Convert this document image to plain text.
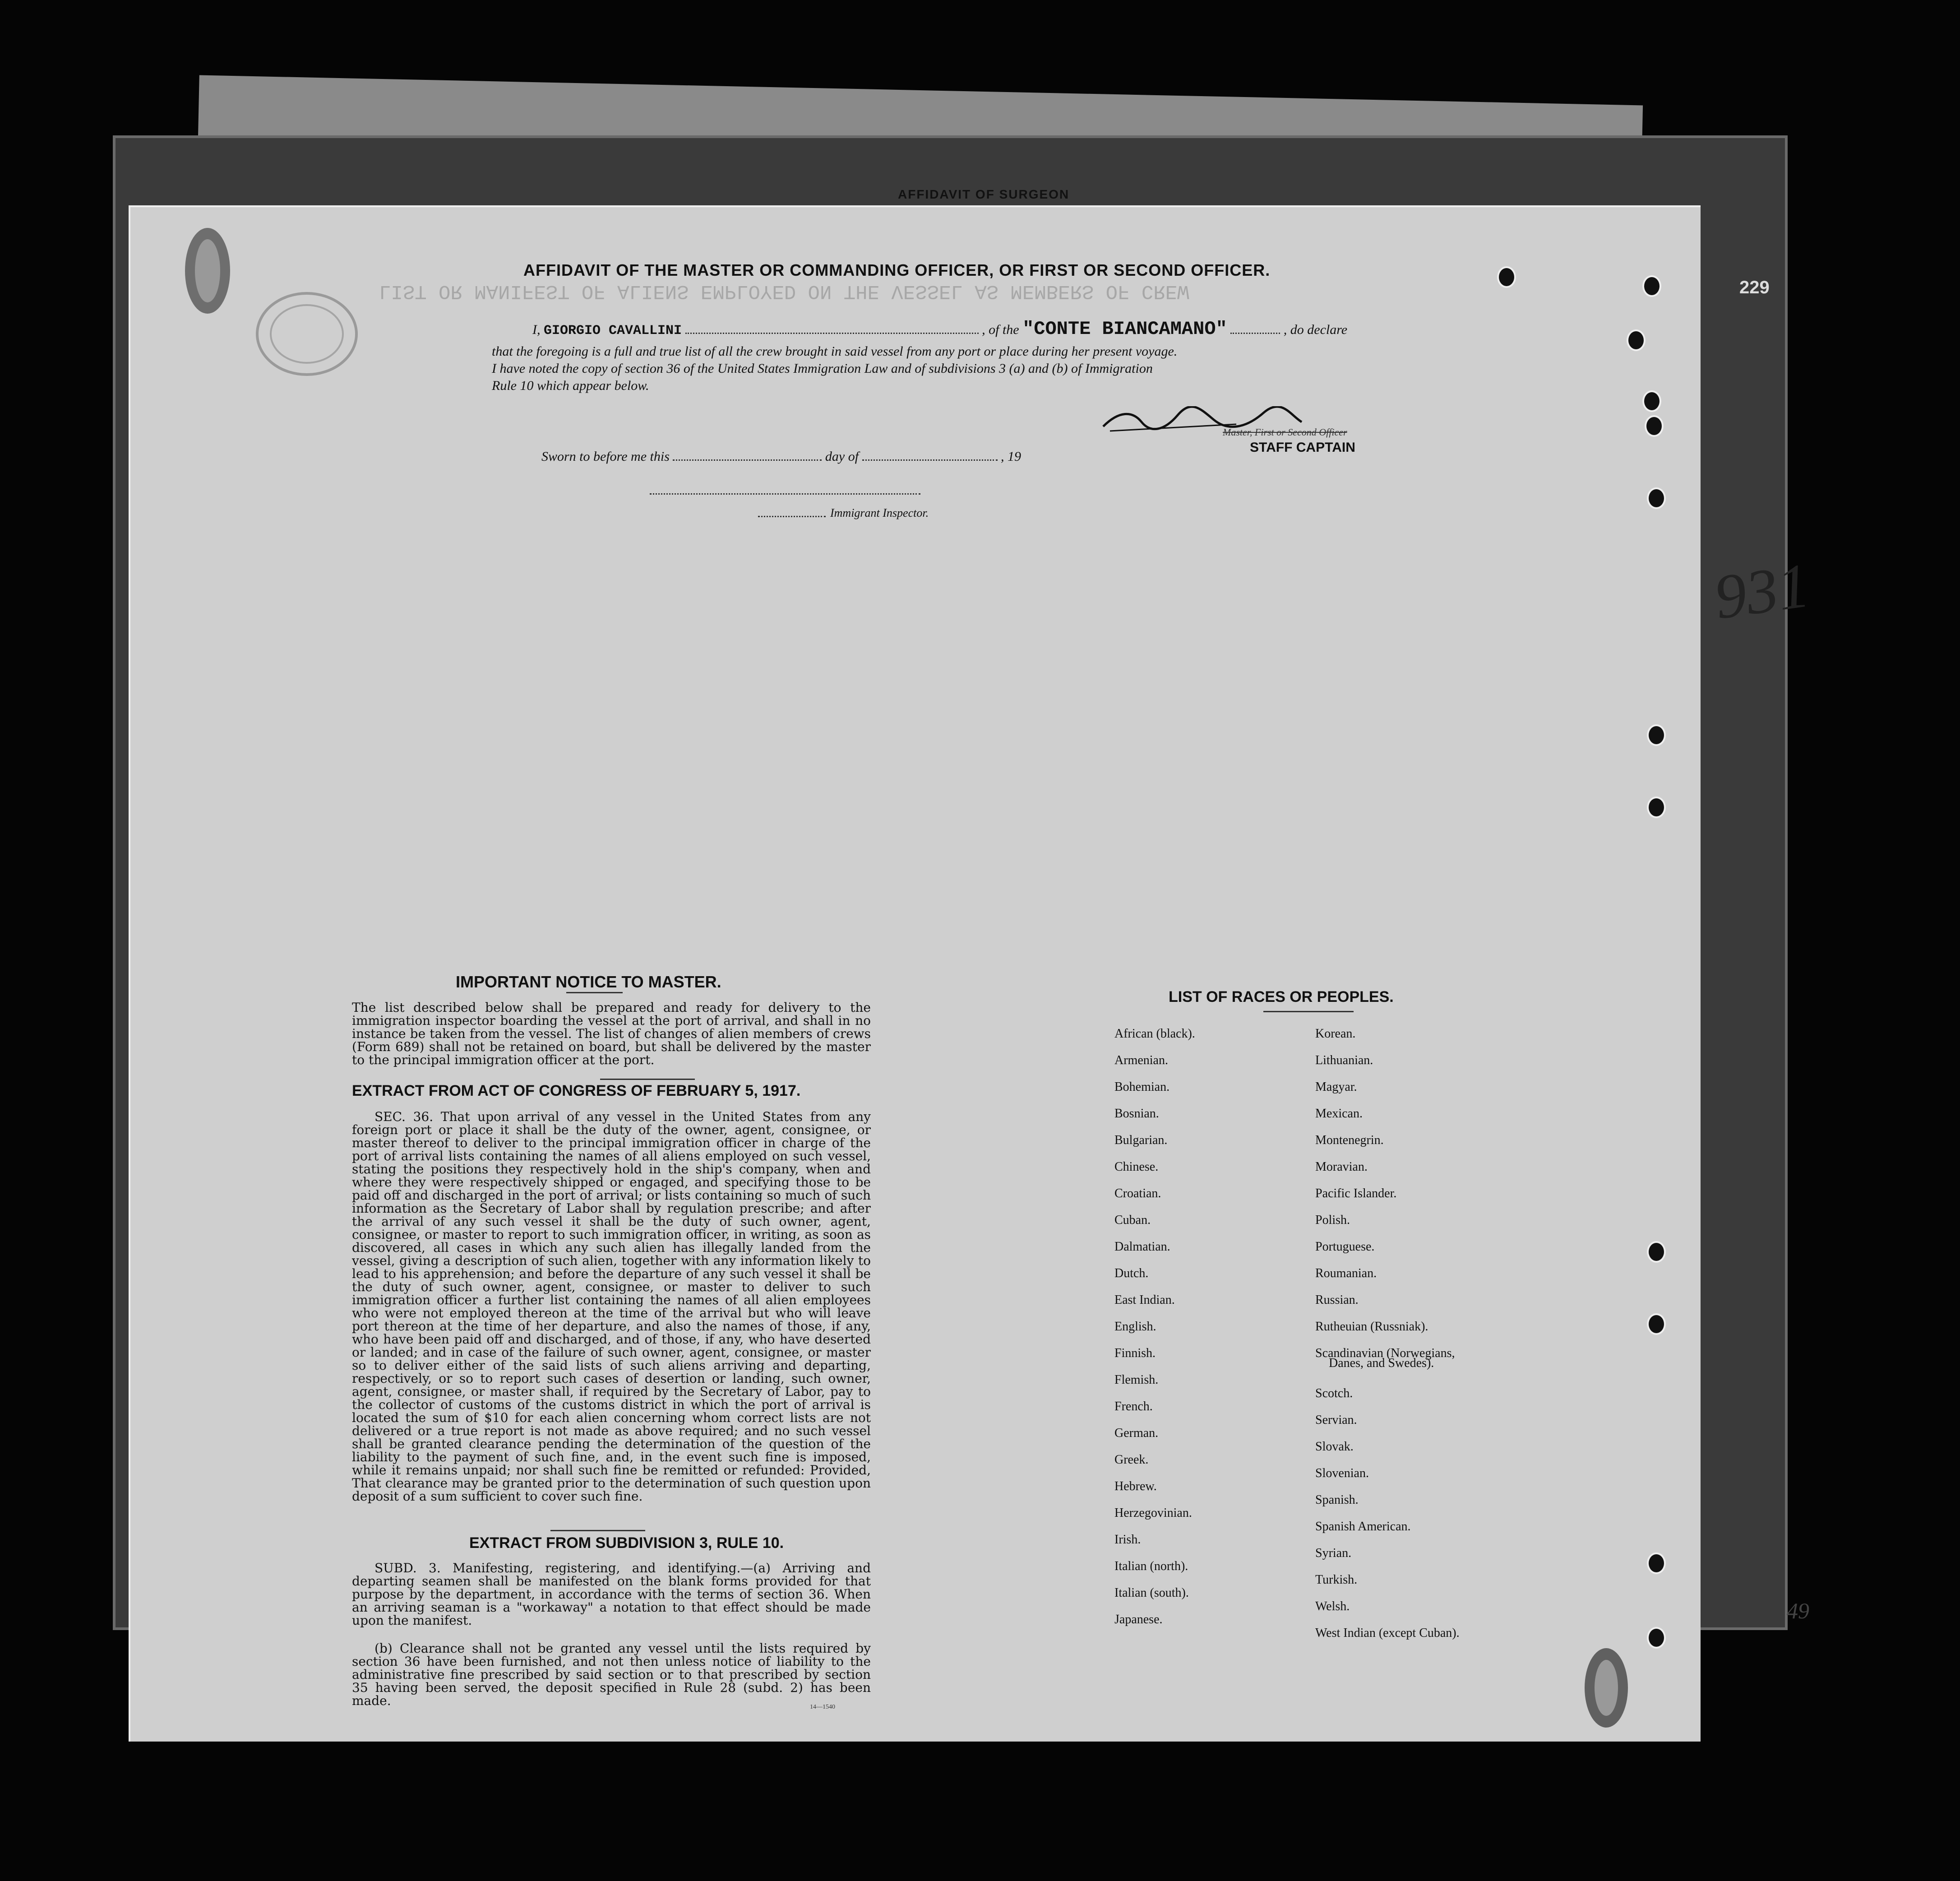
AFFIDAVIT OF SURGEON
LIST OR MANIFEST OF ALIENS EMPLOYED ON THE VESSEL AS MEMBERS OF CREW	229
931
49
AFFIDAVIT OF THE MASTER OR COMMANDING OFFICER, OR FIRST OR SECOND OFFICER.
I, GIORGIO CAVALLINI	, of the "CONTE BIANCAMANO"	, do declare
that the foregoing is a full and true list of all the crew brought in said vessel from any port or place during her present voyage.
I have noted the copy of section 36 of the United States Immigration Law and of subdivisions 3 (a) and (b) of Immigration
Rule 10 which appear below.
Master, First or Second Officer
STAFF CAPTAIN
Sworn to before me this	day of	, 19
Immigrant Inspector.
IMPORTANT NOTICE TO MASTER.
The list described below shall be prepared and ready for delivery to the immigration inspector boarding the vessel at the port of arrival, and shall in no instance be taken from the vessel. The list of changes of alien members of crews (Form 689) shall not be retained on board, but shall be delivered by the master to the principal immigration officer at the port.
EXTRACT FROM ACT OF CONGRESS OF FEBRUARY 5, 1917.
SEC. 36. That upon arrival of any vessel in the United States from any foreign port or place it shall be the duty of the owner, agent, consignee, or master thereof to deliver to the principal immigration officer in charge of the port of arrival lists containing the names of all aliens employed on such vessel, stating the positions they respectively hold in the ship's company, when and where they were respectively shipped or engaged, and specifying those to be paid off and discharged in the port of arrival; or lists containing so much of such information as the Secretary of Labor shall by regulation prescribe; and after the arrival of any such vessel it shall be the duty of such owner, agent, consignee, or master to report to such immigration officer, in writing, as soon as discovered, all cases in which any such alien has illegally landed from the vessel, giving a description of such alien, together with any information likely to lead to his apprehension; and before the departure of any such vessel it shall be the duty of such owner, agent, consignee, or master to deliver to such immigration officer a further list containing the names of all alien employees who were not employed thereon at the time of the arrival but who will leave port thereon at the time of her departure, and also the names of those, if any, who have been paid off and discharged, and of those, if any, who have deserted or landed; and in case of the failure of such owner, agent, consignee, or master so to deliver either of the said lists of such aliens arriving and departing, respectively, or so to report such cases of desertion or landing, such owner, agent, consignee, or master shall, if required by the Secretary of Labor, pay to the collector of customs of the customs district in which the port of arrival is located the sum of $10 for each alien concerning whom correct lists are not delivered or a true report is not made as above required; and no such vessel shall be granted clearance pending the determination of the question of the liability to the payment of such fine, and, in the event such fine is imposed, while it remains unpaid; nor shall such fine be remitted or refunded: Provided, That clearance may be granted prior to the determination of such question upon deposit of a sum sufficient to cover such fine.
EXTRACT FROM SUBDIVISION 3, RULE 10.
SUBD. 3. Manifesting, registering, and identifying.—(a) Arriving and departing seamen shall be manifested on the blank forms provided for that purpose by the department, in accordance with the terms of section 36. When an arriving seaman is a "workaway" a notation to that effect should be made upon the manifest.
(b) Clearance shall not be granted any vessel until the lists required by section 36 have been furnished, and not then unless notice of liability to the administrative fine prescribed by said section or to that prescribed by section 35 having been served, the deposit specified in Rule 28 (subd. 2) has been made.	14—1540
LIST OF RACES OR PEOPLES.
African (black).
Armenian.
Bohemian.
Bosnian.
Bulgarian.
Chinese.
Croatian.
Cuban.
Dalmatian.
Dutch.
East Indian.
English.
Finnish.
Flemish.
French.
German.
Greek.
Hebrew.
Herzegovinian.
Irish.
Italian (north).
Italian (south).
Japanese.
Korean.
Lithuanian.
Magyar.
Mexican.
Montenegrin.
Moravian.
Pacific Islander.
Polish.
Portuguese.
Roumanian.
Russian.
Rutheuian (Russniak).
Scandinavian (Norwegians,
Scotch.
Servian.
Slovak.
Slovenian.
Spanish.
Spanish American.
Syrian.
Turkish.
Welsh.
West Indian (except Cuban).
Danes, and Swedes).
